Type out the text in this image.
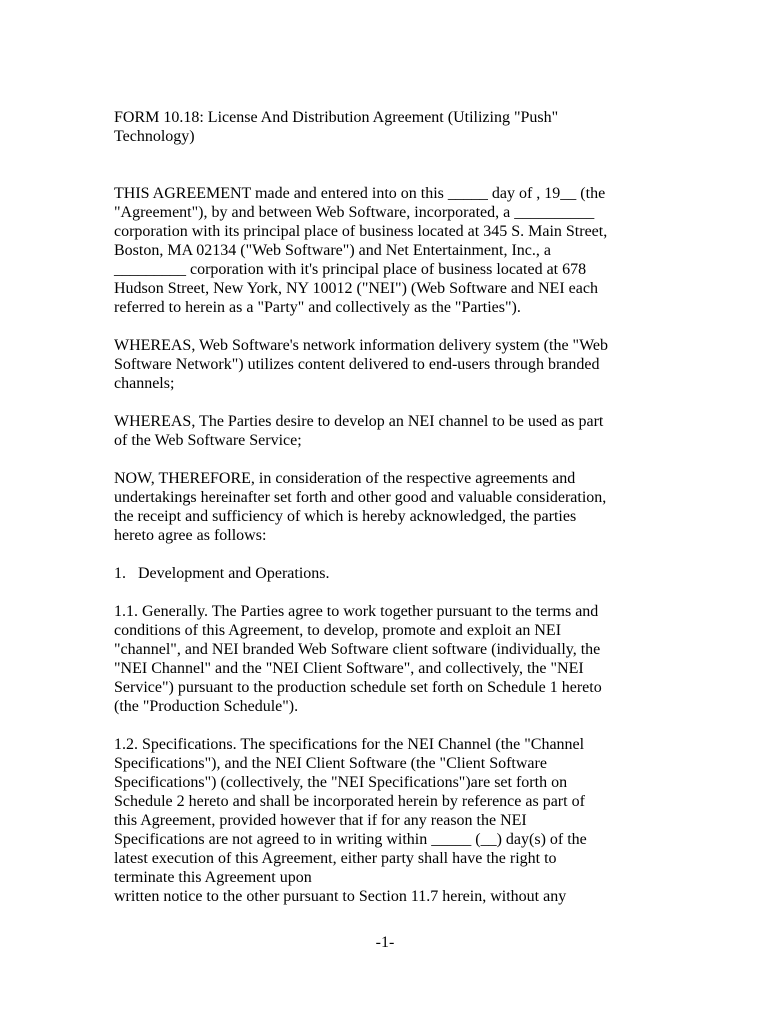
FORM 10.18: License And Distribution Agreement (Utilizing "Push"
Technology)

THIS AGREEMENT made and entered into on this _____ day of , 19__ (the
"Agreement"), by and between Web Software, incorporated, a __________
corporation with its principal place of business located at 345 S. Main Street,
Boston, MA 02134 ("Web Software") and Net Entertainment, Inc., a
_________ corporation with it's principal place of business located at 678
Hudson Street, New York, NY 10012 ("NEI") (Web Software and NEI each
referred to herein as a "Party" and collectively as the "Parties").

WHEREAS, Web Software's network information delivery system (the "Web
Software Network") utilizes content delivered to end-users through branded
channels;

WHEREAS, The Parties desire to develop an NEI channel to be used as part
of the Web Software Service;

NOW, THEREFORE, in consideration of the respective agreements and
undertakings hereinafter set forth and other good and valuable consideration,
the receipt and sufficiency of which is hereby acknowledged, the parties
hereto agree as follows:

1.   Development and Operations.

1.1. Generally. The Parties agree to work together pursuant to the terms and
conditions of this Agreement, to develop, promote and exploit an NEI
"channel", and NEI branded Web Software client software (individually, the
"NEI Channel" and the "NEI Client Software", and collectively, the "NEI
Service") pursuant to the production schedule set forth on Schedule 1 hereto
(the "Production Schedule").

1.2. Specifications. The specifications for the NEI Channel (the "Channel
Specifications"), and the NEI Client Software (the "Client Software
Specifications") (collectively, the "NEI Specifications")are set forth on
Schedule 2 hereto and shall be incorporated herein by reference as part of
this Agreement, provided however that if for any reason the NEI
Specifications are not agreed to in writing within _____ (__) day(s) of the
latest execution of this Agreement, either party shall have the right to
terminate this Agreement upon
written notice to the other pursuant to Section 11.7 herein, without any

-1-
